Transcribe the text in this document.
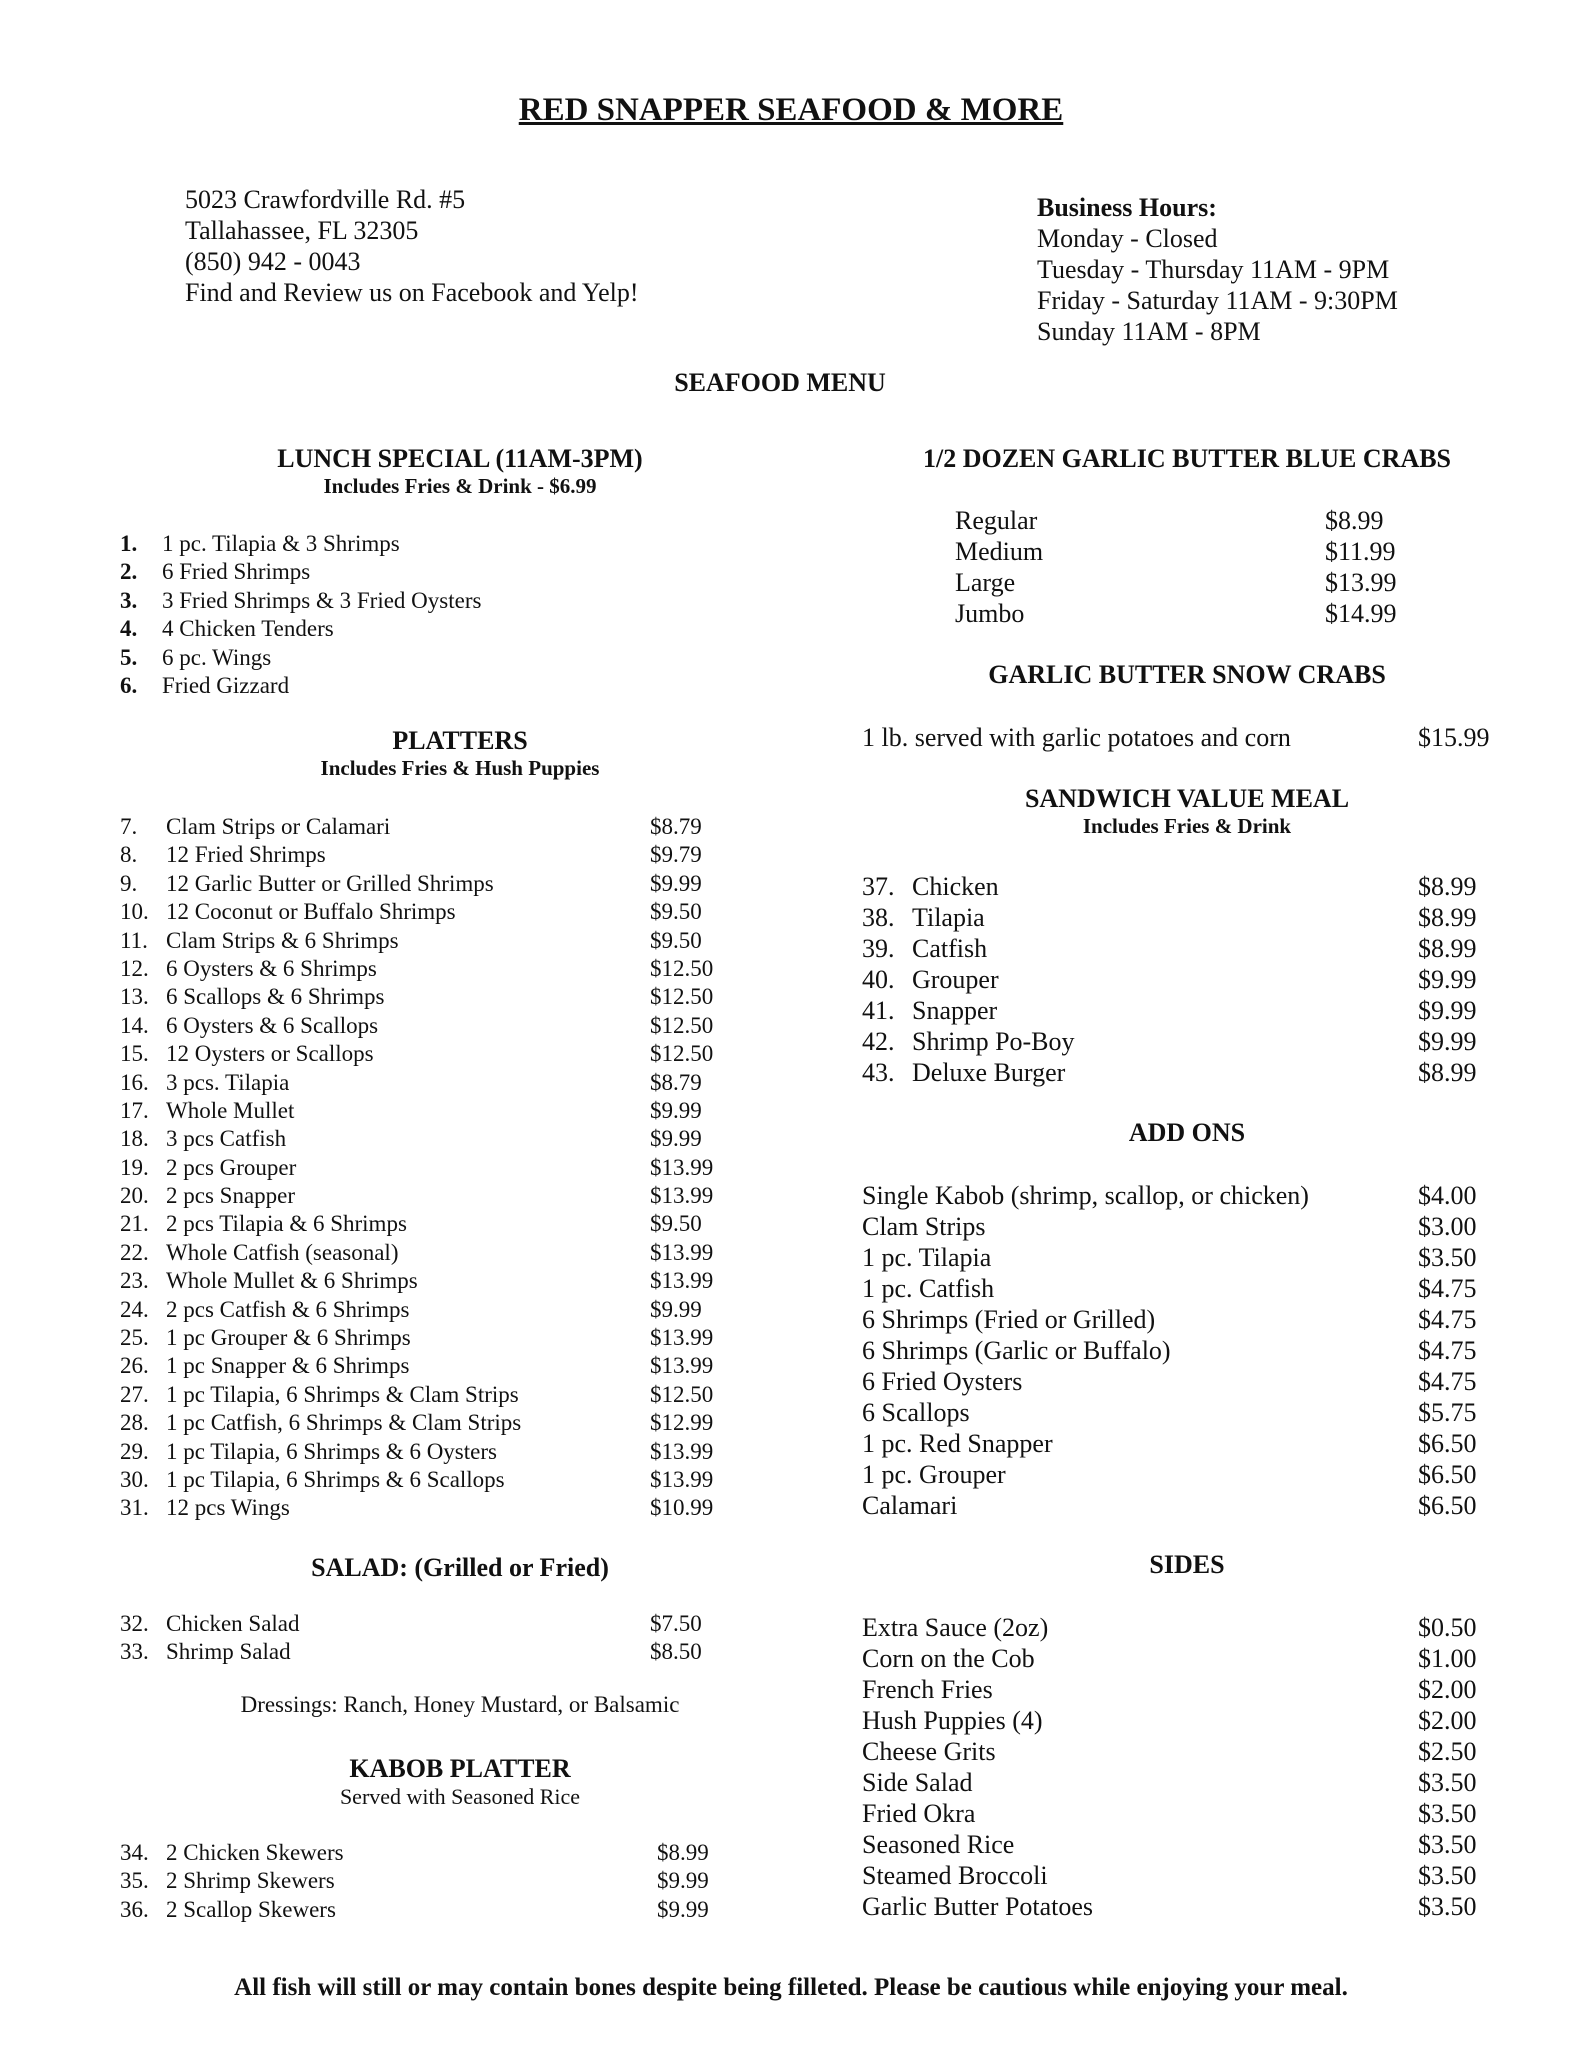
RED SNAPPER SEAFOOD & MORE
5023 Crawfordville Rd. #5
Tallahassee, FL 32305
(850) 942 - 0043
Find and Review us on Facebook and Yelp!
Business Hours:
Monday - Closed
Tuesday - Thursday 11AM - 9PM
Friday - Saturday 11AM - 9:30PM
Sunday 11AM - 8PM
SEAFOOD MENU
LUNCH SPECIAL (11AM-3PM)
Includes Fries & Drink - $6.99
1. 1 pc. Tilapia & 3 Shrimps
2. 6 Fried Shrimps
3. 3 Fried Shrimps & 3 Fried Oysters
4. 4 Chicken Tenders
5. 6 pc. Wings
6. Fried Gizzard
PLATTERS
Includes Fries & Hush Puppies
7. Clam Strips or Calamari	$8.79
8. 12 Fried Shrimps	$9.79
9. 12 Garlic Butter or Grilled Shrimps	$9.99
10. 12 Coconut or Buffalo Shrimps	$9.50
11. Clam Strips & 6 Shrimps	$9.50
12. 6 Oysters & 6 Shrimps	$12.50
13. 6 Scallops & 6 Shrimps	$12.50
14. 6 Oysters & 6 Scallops	$12.50
15. 12 Oysters or Scallops	$12.50
16. 3 pcs. Tilapia	$8.79
17. Whole Mullet	$9.99
18. 3 pcs Catfish	$9.99
19. 2 pcs Grouper	$13.99
20. 2 pcs Snapper	$13.99
21. 2 pcs Tilapia & 6 Shrimps	$9.50
22. Whole Catfish (seasonal)	$13.99
23. Whole Mullet & 6 Shrimps	$13.99
24. 2 pcs Catfish & 6 Shrimps	$9.99
25. 1 pc Grouper & 6 Shrimps	$13.99
26. 1 pc Snapper & 6 Shrimps	$13.99
27. 1 pc Tilapia, 6 Shrimps & Clam Strips	$12.50
28. 1 pc Catfish, 6 Shrimps & Clam Strips	$12.99
29. 1 pc Tilapia, 6 Shrimps & 6 Oysters	$13.99
30. 1 pc Tilapia, 6 Shrimps & 6 Scallops	$13.99
31. 12 pcs Wings	$10.99
SALAD: (Grilled or Fried)
32. Chicken Salad	$7.50
33. Shrimp Salad	$8.50
Dressings: Ranch, Honey Mustard, or Balsamic
KABOB PLATTER
Served with Seasoned Rice
34. 2 Chicken Skewers	$8.99
35. 2 Shrimp Skewers	$9.99
36. 2 Scallop Skewers	$9.99
1/2 DOZEN GARLIC BUTTER BLUE CRABS
Regular	$8.99
Medium	$11.99
Large	$13.99
Jumbo	$14.99
GARLIC BUTTER SNOW CRABS
1 lb. served with garlic potatoes and corn	$15.99
SANDWICH VALUE MEAL
Includes Fries & Drink
37. Chicken	$8.99
38. Tilapia	$8.99
39. Catfish	$8.99
40. Grouper	$9.99
41. Snapper	$9.99
42. Shrimp Po-Boy	$9.99
43. Deluxe Burger	$8.99
ADD ONS
Single Kabob (shrimp, scallop, or chicken)	$4.00
Clam Strips	$3.00
1 pc. Tilapia	$3.50
1 pc. Catfish	$4.75
6 Shrimps (Fried or Grilled)	$4.75
6 Shrimps (Garlic or Buffalo)	$4.75
6 Fried Oysters	$4.75
6 Scallops	$5.75
1 pc. Red Snapper	$6.50
1 pc. Grouper	$6.50
Calamari	$6.50
SIDES
Extra Sauce (2oz)	$0.50
Corn on the Cob	$1.00
French Fries	$2.00
Hush Puppies (4)	$2.00
Cheese Grits	$2.50
Side Salad	$3.50
Fried Okra	$3.50
Seasoned Rice	$3.50
Steamed Broccoli	$3.50
Garlic Butter Potatoes	$3.50
All fish will still or may contain bones despite being filleted. Please be cautious while enjoying your meal.
